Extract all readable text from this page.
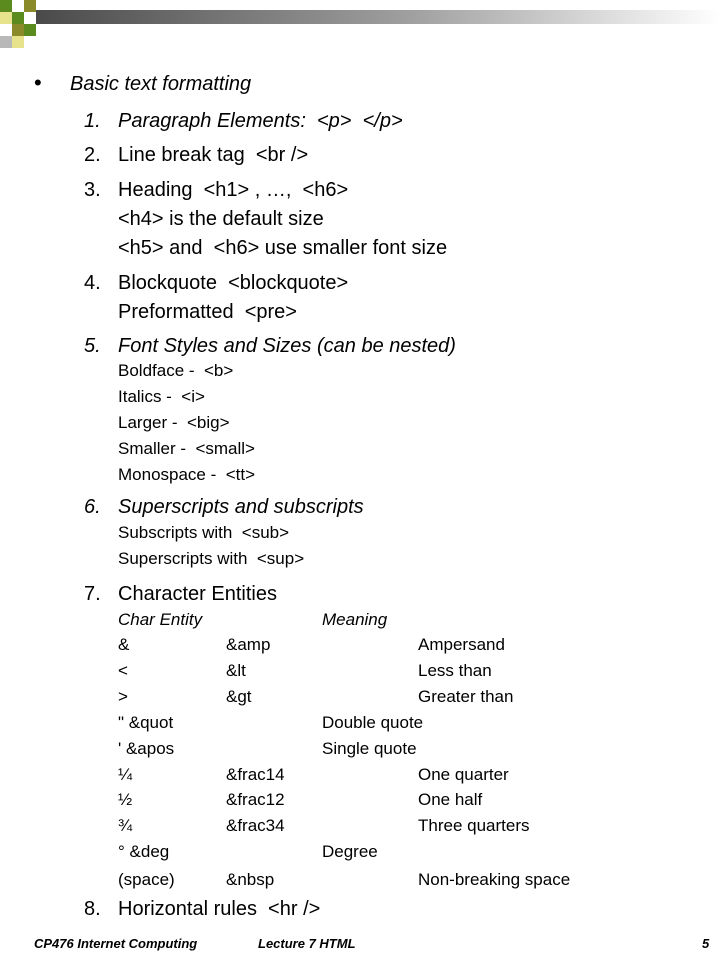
• Basic text formatting
1. Paragraph Elements:  <p>  </p>
2. Line break tag  <br />
3. Heading  <h1> , …,  <h6>
<h4> is the default size
<h5> and  <h6> use smaller font size
4. Blockquote  <blockquote>
Preformatted  <pre>
5. Font Styles and Sizes (can be nested)
Boldface -  <b>
Italics -  <i>
Larger -  <big>
Smaller -  <small>
Monospace -  <tt>
6. Superscripts and subscripts
Subscripts with  <sub>
Superscripts with  <sup>
7. Character Entities
Char Entity	Meaning
&	&amp	Ampersand
<	&lt	Less than
>	&gt	Greater than
" &quot	Double quote
' &apos	Single quote
¼	&frac14	One quarter
½	&frac12	One half
¾	&frac34	Three quarters
° &deg	Degree
(space)	&nbsp	Non-breaking space
8. Horizontal rules  <hr />
CP476 Internet Computing	Lecture 7 HTML	5
